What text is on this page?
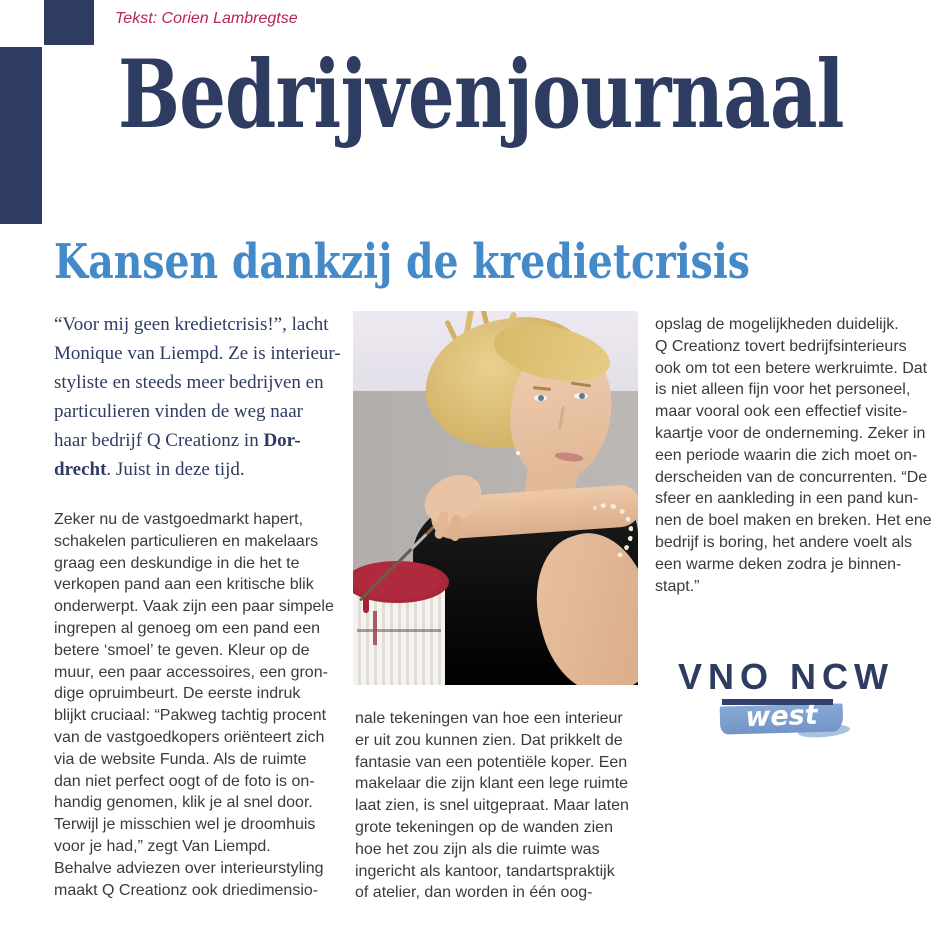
Tekst: Corien Lambregtse
Bedrijvenjournaal
Kansen dankzij de kredietcrisis
“Voor mij geen kredietcrisis!”, lacht
Monique van Liempd. Ze is interieur-
styliste en steeds meer bedrijven en
particulieren vinden de weg naar
haar bedrijf Q Creationz in Dor-
drecht. Juist in deze tijd.
Zeker nu de vastgoedmarkt hapert,
schakelen particulieren en makelaars
graag een deskundige in die het te
verkopen pand aan een kritische blik
onderwerpt. Vaak zijn een paar simpele
ingrepen al genoeg om een pand een
betere ‘smoel’ te geven. Kleur op de
muur, een paar accessoires, een gron-
dige opruimbeurt. De eerste indruk
blijkt cruciaal: “Pakweg tachtig procent
van de vastgoedkopers oriënteert zich
via de website Funda. Als de ruimte
dan niet perfect oogt of de foto is on-
handig genomen, klik je al snel door.
Terwijl je misschien wel je droomhuis
voor je had,” zegt Van Liempd.
Behalve adviezen over interieurstyling
maakt Q Creationz ook driedimensio-
nale tekeningen van hoe een interieur
er uit zou kunnen zien. Dat prikkelt de
fantasie van een potentiële koper. Een
makelaar die zijn klant een lege ruimte
laat zien, is snel uitgepraat. Maar laten
grote tekeningen op de wanden zien
hoe het zou zijn als die ruimte was
ingericht als kantoor, tandartspraktijk
of atelier, dan worden in één oog-
opslag de mogelijkheden duidelijk.
Q Creationz tovert bedrijfsinterieurs
ook om tot een betere werkruimte. Dat
is niet alleen fijn voor het personeel,
maar vooral ook een effectief visite-
kaartje voor de onderneming. Zeker in
een periode waarin die zich moet on-
derscheiden van de concurrenten. “De
sfeer en aankleding in een pand kun-
nen de boel maken en breken. Het ene
bedrijf is boring, het andere voelt als
een warme deken zodra je binnen-
stapt.”
VNO NCW
west
